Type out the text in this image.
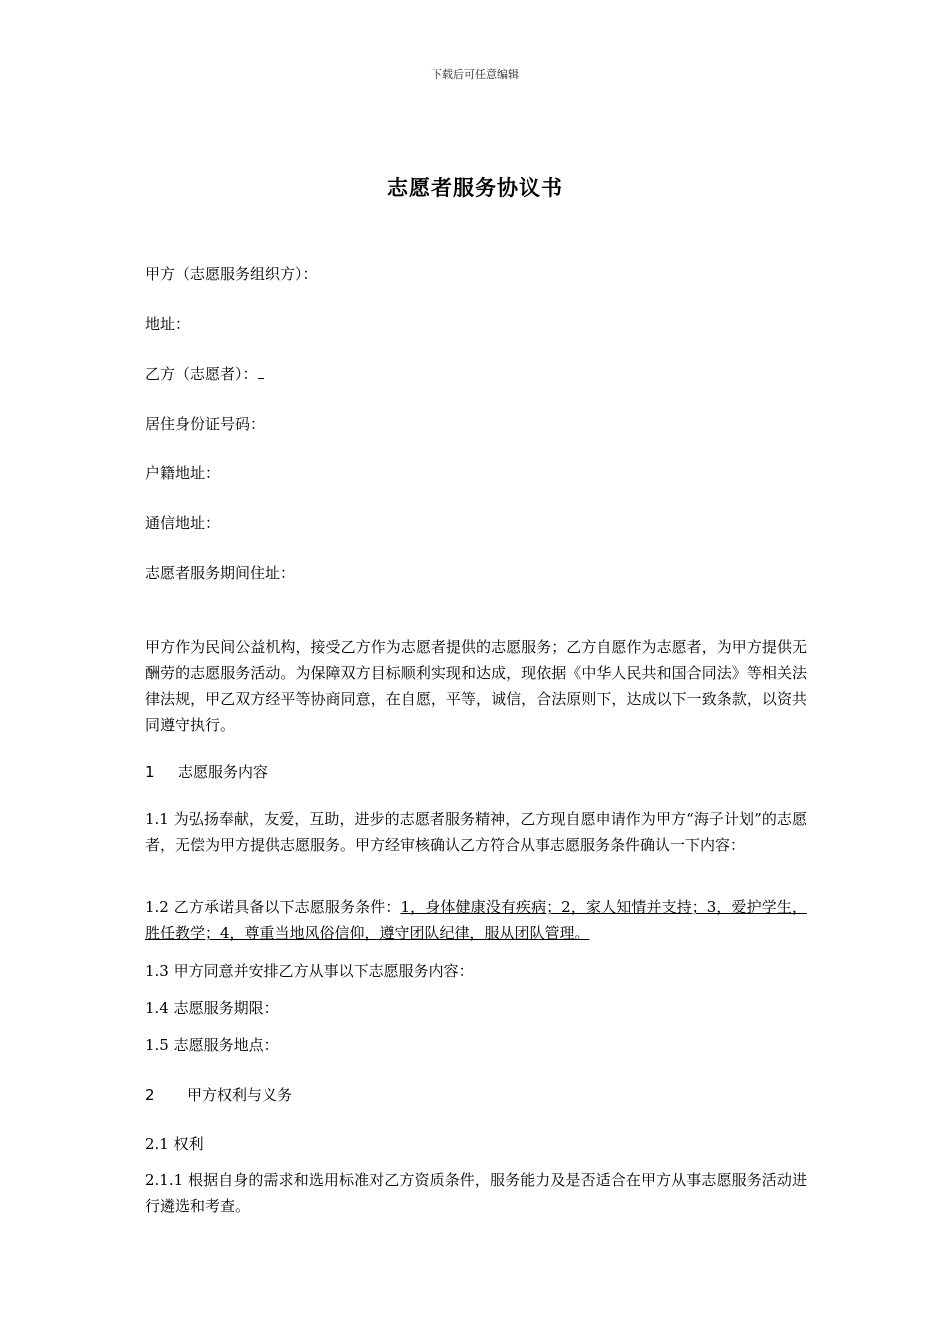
下载后可任意编辑
志愿者服务协议书
甲方（志愿服务组织方）：
地址：
乙方（志愿者）：
居住身份证号码：
户籍地址：
通信地址：
志愿者服务期间住址：
甲方作为民间公益机构，接受乙方作为志愿者提供的志愿服务；乙方自愿作为志愿者，为甲方提供无酬劳的志愿服务活动。为保障双方目标顺利实现和达成，现依据《中华人民共和国合同法》等相关法律法规，甲乙双方经平等协商同意，在自愿，平等，诚信，合法原则下，达成以下一致条款，以资共同遵守执行。
1 志愿服务内容
1.1 为弘扬奉献，友爱，互助，进步的志愿者服务精神，乙方现自愿申请作为甲方“海子计划”的志愿者，无偿为甲方提供志愿服务。甲方经审核确认乙方符合从事志愿服务条件确认一下内容：
1.2 乙方承诺具备以下志愿服务条件：1，身体健康没有疾病；2，家人知情并支持；3，爱护学生，胜任教学；4，尊重当地风俗信仰，遵守团队纪律，服从团队管理。
1.3 甲方同意并安排乙方从事以下志愿服务内容：
1.4 志愿服务期限：
1.5 志愿服务地点：
2 甲方权利与义务
2.1 权利
2.1.1 根据自身的需求和选用标准对乙方资质条件，服务能力及是否适合在甲方从事志愿服务活动进行遴选和考查。
